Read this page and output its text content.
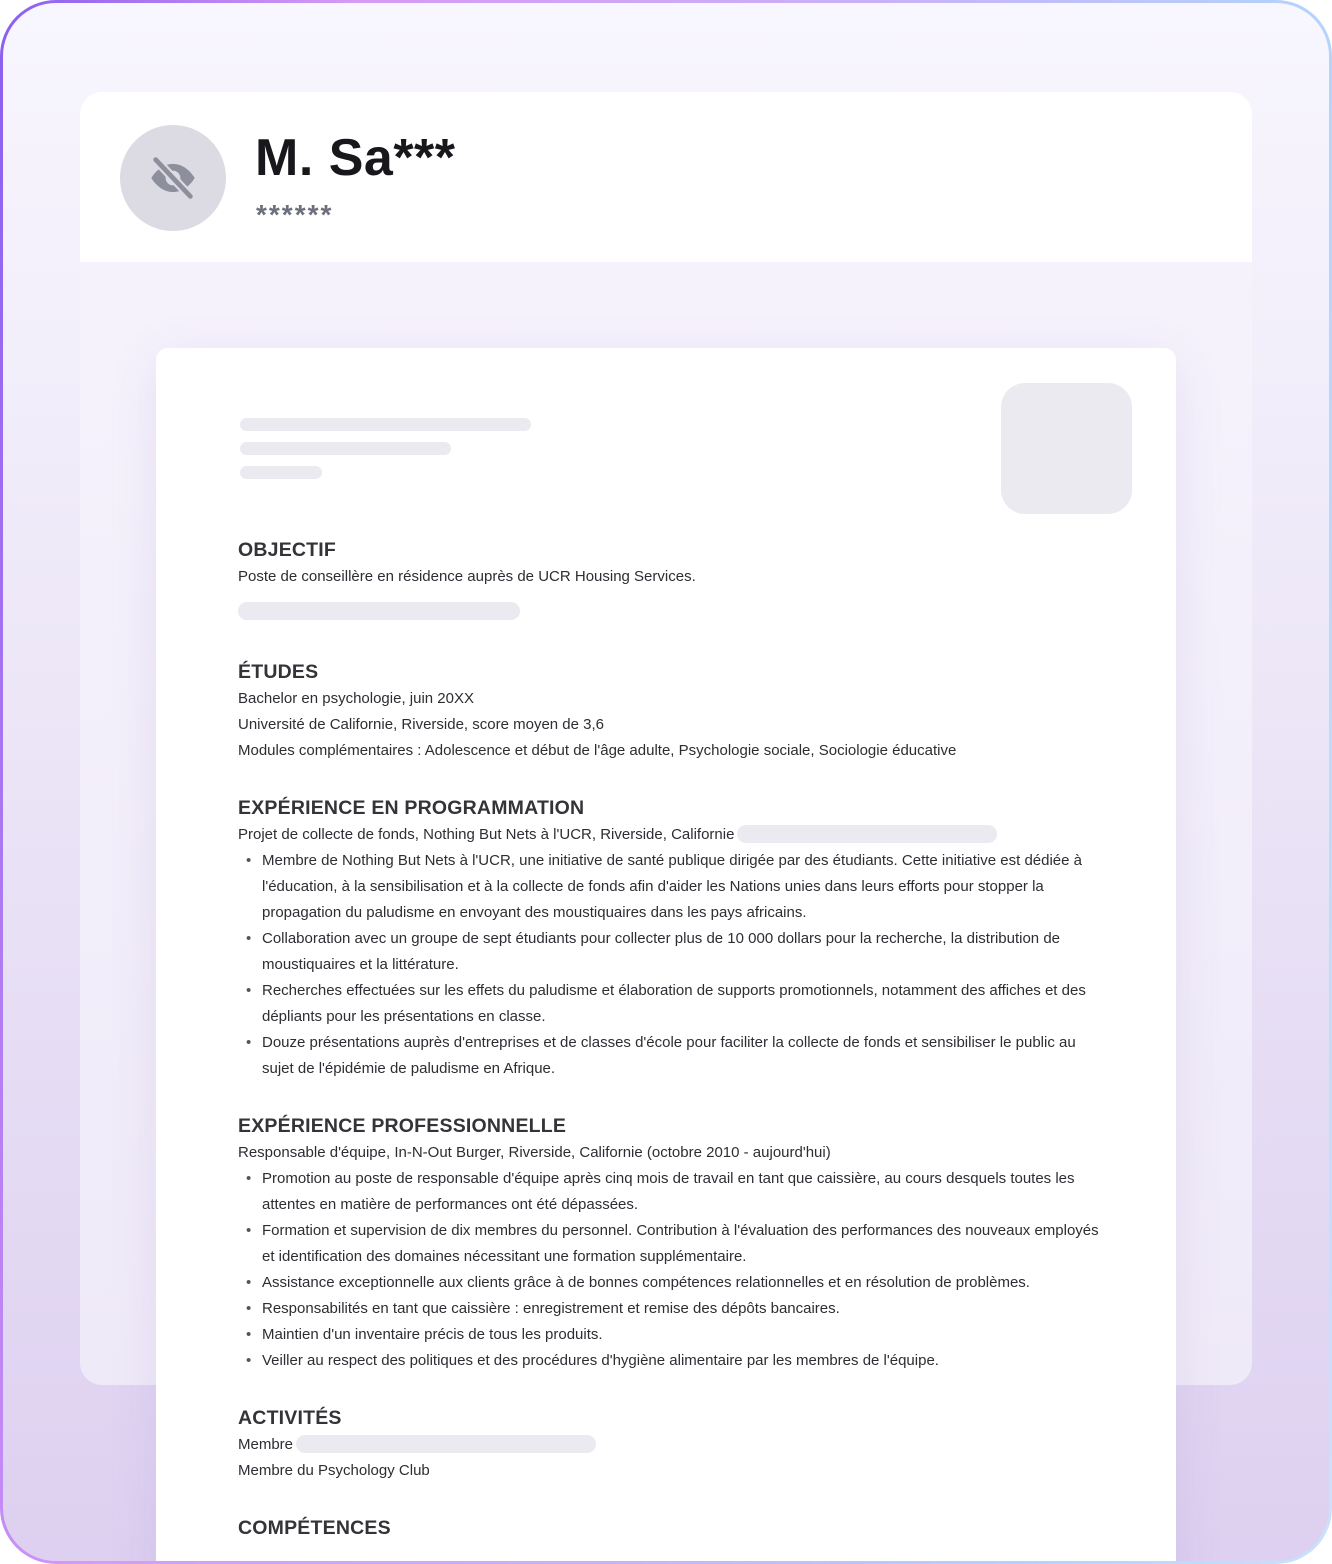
M. Sa***
******
OBJECTIF

Poste de conseillère en résidence auprès de UCR Housing Services.

ÉTUDES

Bachelor en psychologie, juin 20XX

Université de Californie, Riverside, score moyen de 3,6

Modules complémentaires : Adolescence et début de l'âge adulte, Psychologie sociale, Sociologie éducative

EXPÉRIENCE EN PROGRAMMATION

Projet de collecte de fonds, Nothing But Nets à l'UCR, Riverside, Californie

• Membre de Nothing But Nets à l'UCR, une initiative de santé publique dirigée par des étudiants. Cette initiative est dédiée à l'éducation, à la sensibilisation et à la collecte de fonds afin d'aider les Nations unies dans leurs efforts pour stopper la propagation du paludisme en envoyant des moustiquaires dans les pays africains.
• Collaboration avec un groupe de sept étudiants pour collecter plus de 10 000 dollars pour la recherche, la distribution de moustiquaires et la littérature.
• Recherches effectuées sur les effets du paludisme et élaboration de supports promotionnels, notamment des affiches et des dépliants pour les présentations en classe.
• Douze présentations auprès d'entreprises et de classes d'école pour faciliter la collecte de fonds et sensibiliser le public au sujet de l'épidémie de paludisme en Afrique.
EXPÉRIENCE PROFESSIONNELLE

Responsable d'équipe, In-N-Out Burger, Riverside, Californie (octobre 2010 - aujourd'hui)

• Promotion au poste de responsable d'équipe après cinq mois de travail en tant que caissière, au cours desquels toutes les attentes en matière de performances ont été dépassées.
• Formation et supervision de dix membres du personnel. Contribution à l'évaluation des performances des nouveaux employés et identification des domaines nécessitant une formation supplémentaire.
• Assistance exceptionnelle aux clients grâce à de bonnes compétences relationnelles et en résolution de problèmes.
• Responsabilités en tant que caissière : enregistrement et remise des dépôts bancaires.
• Maintien d'un inventaire précis de tous les produits.
• Veiller au respect des politiques et des procédures d'hygiène alimentaire par les membres de l'équipe.
ACTIVITÉS

Membre

Membre du Psychology Club

COMPÉTENCES
